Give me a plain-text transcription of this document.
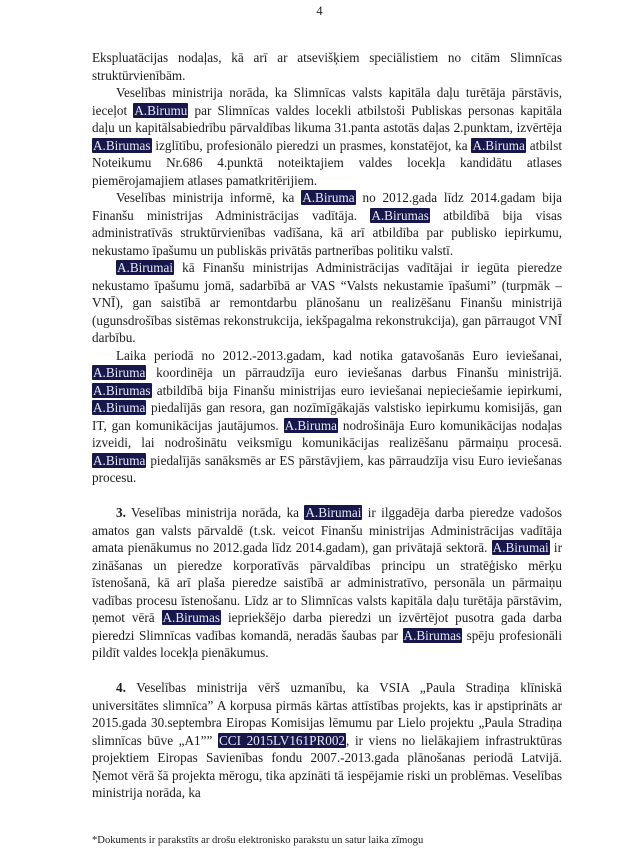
4

Ekspluatācijas nodaļas, kā arī ar atsevišķiem speciālistiem no citām Slimnīcas struktūrvienībām.

Veselības ministrija norāda, ka Slimnīcas valsts kapitāla daļu turētāja pārstāvis, ieceļot A.Birumu par Slimnīcas valdes locekli atbilstoši Publiskas personas kapitāla daļu un kapitālsabiedrību pārvaldības likuma 31.panta astotās daļas 2.punktam, izvērtēja A.Birumas izglītību, profesionālo pieredzi un prasmes, konstatējot, ka A.Biruma atbilst Noteikumu Nr.686 4.punktā noteiktajiem valdes locekļa kandidātu atlases piemērojamajiem atlases pamatkritērijiem.

Veselības ministrija informē, ka A.Biruma no 2012.gada līdz 2014.gadam bija Finanšu ministrijas Administrācijas vadītāja. A.Birumas atbildībā bija visas administratīvās struktūrvienības vadīšana, kā arī atbildība par publisko iepirkumu, nekustamo īpašumu un publiskās privātās partnerības politiku valstī.

A.Birumai kā Finanšu ministrijas Administrācijas vadītājai ir iegūta pieredze nekustamo īpašumu jomā, sadarbībā ar VAS “Valsts nekustamie īpašumi” (turpmāk – VNĪ), gan saistībā ar remontdarbu plānošanu un realizēšanu Finanšu ministrijā (ugunsdrošības sistēmas rekonstrukcija, iekšpagalma rekonstrukcija), gan pārraugot VNĪ darbību.

Laika periodā no 2012.-2013.gadam, kad notika gatavošanās Euro ieviešanai, A.Biruma koordinēja un pārraudzīja euro ieviešanas darbus Finanšu ministrijā. A.Birumas atbildībā bija Finanšu ministrijas euro ieviešanai nepieciešamie iepirkumi, A.Biruma piedalījās gan resora, gan nozīmīgākajās valstisko iepirkumu komisijās, gan IT, gan komunikācijas jautājumos. A.Biruma nodrošināja Euro komunikācijas nodaļas izveidi, lai nodrošinātu veiksmīgu komunikācijas realizēšanu pārmaiņu procesā. A.Biruma piedalījās sanāksmēs ar ES pārstāvjiem, kas pārraudzīja visu Euro ieviešanas procesu.

3. Veselības ministrija norāda, ka A.Birumai ir ilggadēja darba pieredze vadošos amatos gan valsts pārvaldē (t.sk. veicot Finanšu ministrijas Administrācijas vadītāja amata pienākumus no 2012.gada līdz 2014.gadam), gan privātajā sektorā. A.Birumai ir zināšanas un pieredze korporatīvās pārvaldības principu un stratēģisko mērķu īstenošanā, kā arī plaša pieredze saistībā ar administratīvo, personāla un pārmaiņu vadības procesu īstenošanu. Līdz ar to Slimnīcas valsts kapitāla daļu turētāja pārstāvim, ņemot vērā A.Birumas iepriekšējo darba pieredzi un izvērtējot pusotra gada darba pieredzi Slimnīcas vadības komandā, neradās šaubas par A.Birumas spēju profesionāli pildīt valdes locekļa pienākumus.

4. Veselības ministrija vērš uzmanību, ka VSIA „Paula Stradiņa klīniskā universitātes slimnīca” A korpusa pirmās kārtas attīstības projekts, kas ir apstiprināts ar 2015.gada 30.septembra Eiropas Komisijas lēmumu par Lielo projektu „Paula Stradiņa slimnīcas būve „A1”” CCI 2015LV161PR002, ir viens no lielākajiem infrastruktūras projektiem Eiropas Savienības fondu 2007.-2013.gada plānošanas periodā Latvijā. Ņemot vērā šā projekta mērogu, tika apzināti tā iespējamie riski un problēmas. Veselības ministrija norāda, ka

*Dokuments ir parakstīts ar drošu elektronisko parakstu un satur laika zīmogu
